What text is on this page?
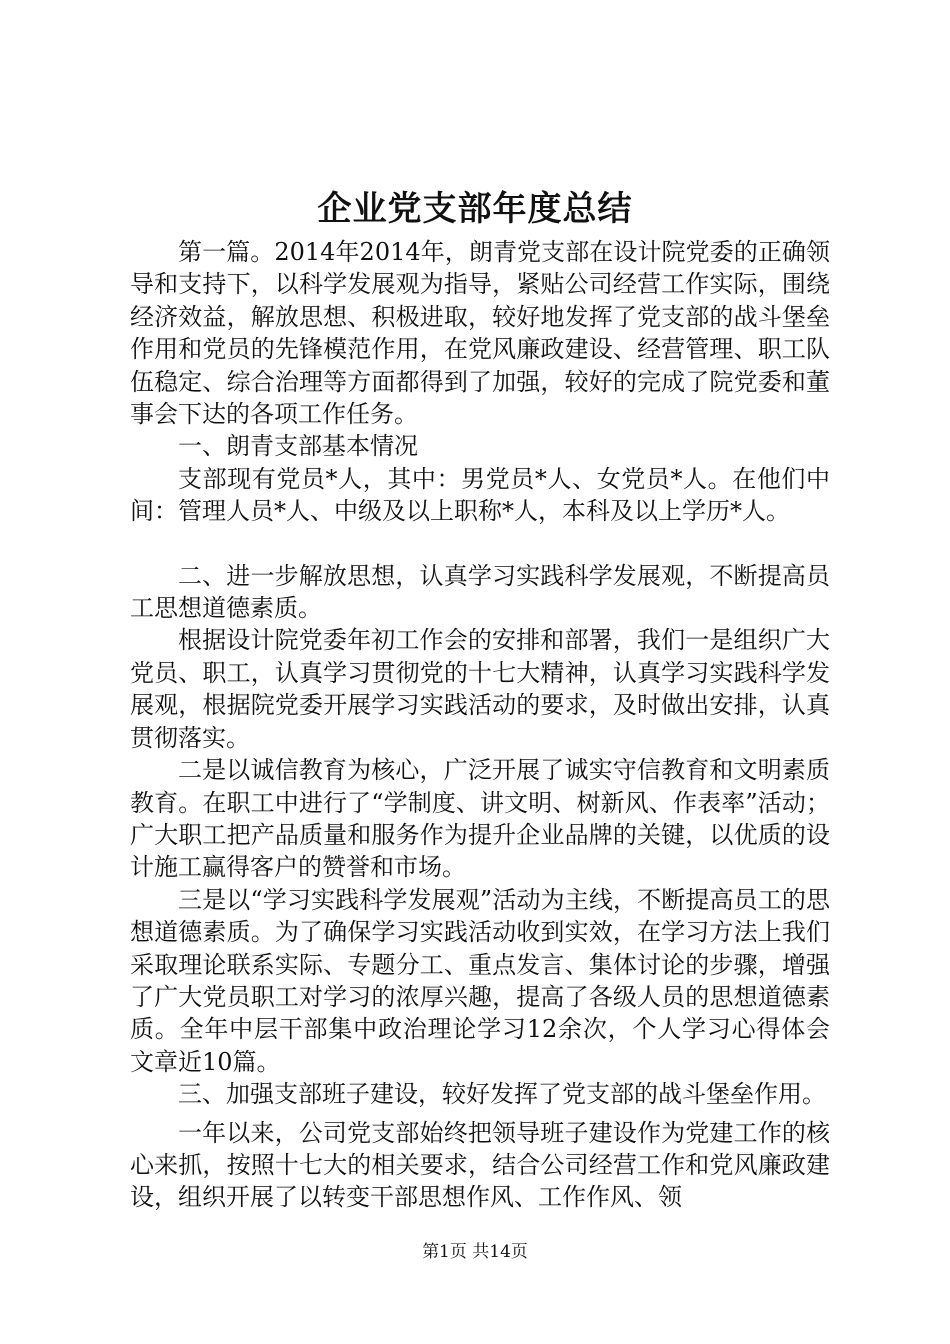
企业党支部年度总结

第一篇。2014年2014年，朗青党支部在设计院党委的正确领导和支持下，以科学发展观为指导，紧贴公司经营工作实际，围绕经济效益，解放思想、积极进取，较好地发挥了党支部的战斗堡垒作用和党员的先锋模范作用，在党风廉政建设、经营管理、职工队伍稳定、综合治理等方面都得到了加强，较好的完成了院党委和董事会下达的各项工作任务。

一、朗青支部基本情况

支部现有党员*人，其中：男党员*人、女党员*人。在他们中间：管理人员*人、中级及以上职称*人，本科及以上学历*人。

二、进一步解放思想，认真学习实践科学发展观，不断提高员工思想道德素质。

根据设计院党委年初工作会的安排和部署，我们一是组织广大党员、职工，认真学习贯彻党的十七大精神，认真学习实践科学发展观，根据院党委开展学习实践活动的要求，及时做出安排，认真贯彻落实。

二是以诚信教育为核心，广泛开展了诚实守信教育和文明素质教育。在职工中进行了“学制度、讲文明、树新风、作表率”活动；广大职工把产品质量和服务作为提升企业品牌的关键，以优质的设计施工赢得客户的赞誉和市场。

三是以“学习实践科学发展观”活动为主线，不断提高员工的思想道德素质。为了确保学习实践活动收到实效，在学习方法上我们采取理论联系实际、专题分工、重点发言、集体讨论的步骤，增强了广大党员职工对学习的浓厚兴趣，提高了各级人员的思想道德素质。全年中层干部集中政治理论学习12余次，个人学习心得体会文章近10篇。

三、加强支部班子建设，较好发挥了党支部的战斗堡垒作用。

一年以来，公司党支部始终把领导班子建设作为党建工作的核心来抓，按照十七大的相关要求，结合公司经营工作和党风廉政建设，组织开展了以转变干部思想作风、工作作风、领

第1页 共14页
